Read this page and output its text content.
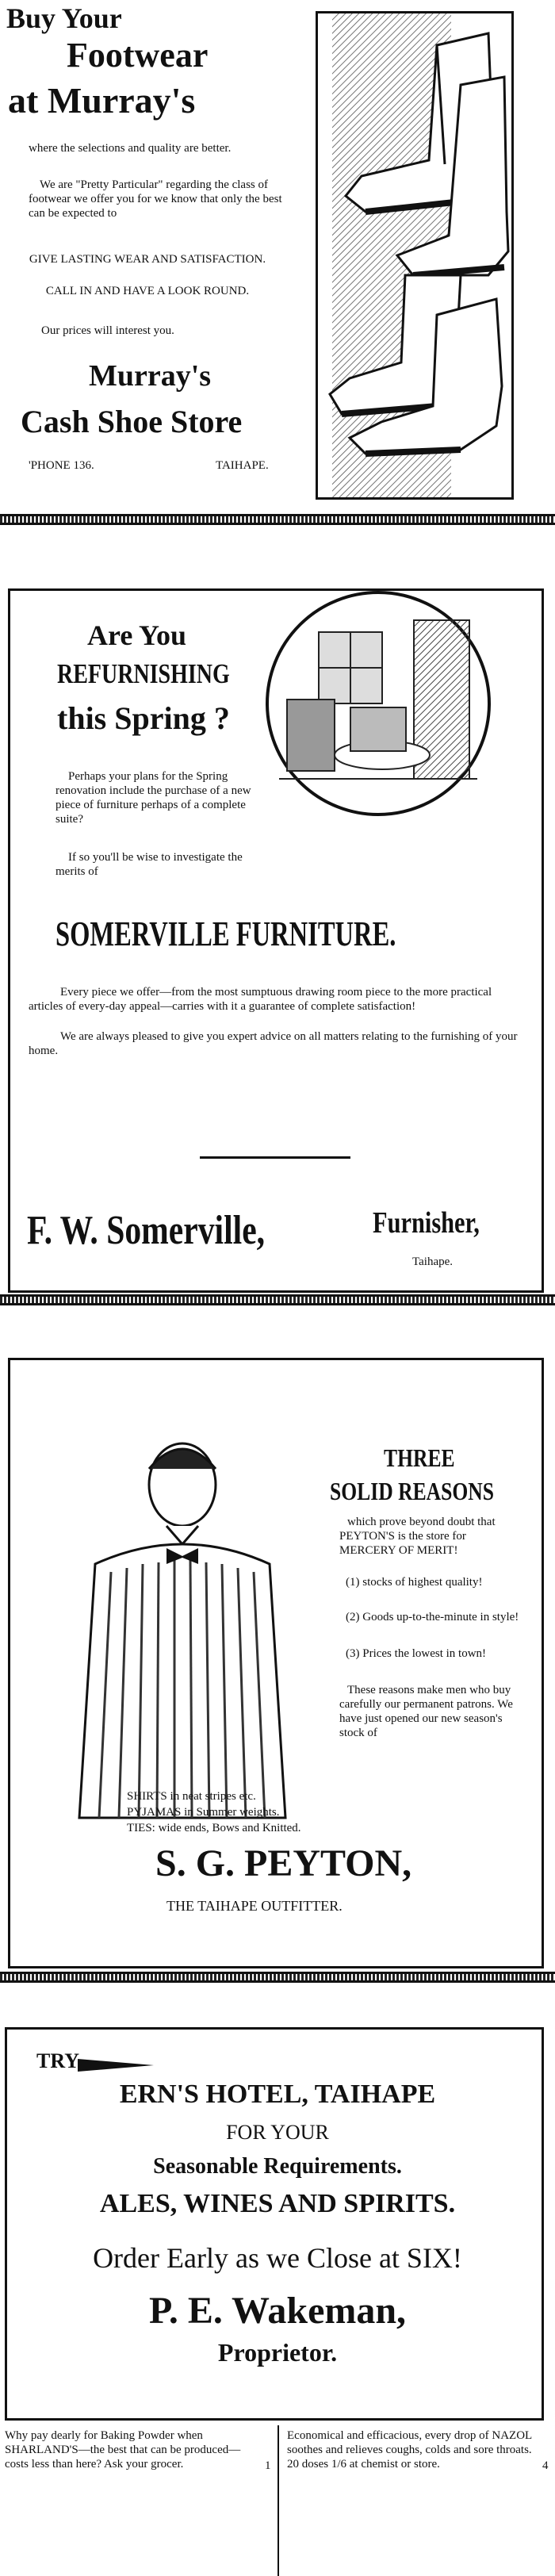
Buy Your
Footwear
at Murray's

where the selections and quality are better.

We are "Pretty Particular" regarding the class of footwear we offer you for we know that only the best can be expected to

GIVE LASTING WEAR AND SATISFACTION.

CALL IN AND HAVE A LOOK ROUND.

Our prices will interest you.

Murray's
Cash Shoe Store
'PHONE 136.	TAIHAPE.
Are You
REFURNISHING
this Spring ?

Perhaps your plans for the Spring renovation include the purchase of a new piece of furniture perhaps of a complete suite?

If so you'll be wise to investigate the merits of

SOMERVILLE FURNITURE.

Every piece we offer—from the most sumptuous drawing room piece to the more practical articles of every-day appeal—carries with it a guarantee of complete satisfaction!

We are always pleased to give you expert advice on all matters relating to the furnishing of your home.

F. W. Somerville,	Furnisher,
Taihape.
THREE
SOLID REASONS

which prove beyond doubt that PEYTON'S is the store for MERCERY OF MERIT!

(1) stocks of highest quality!

(2) Goods up-to-the-minute in style!

(3) Prices the lowest in town!

These reasons make men who buy carefully our permanent patrons. We have just opened our new season's stock of

SHIRTS in neat stripes etc.

PYJAMAS in Summer weights.

TIES: wide ends, Bows and Knitted.

S. G. PEYTON,
THE TAIHAPE OUTFITTER.
TRY
ERN'S HOTEL, TAIHAPE
FOR YOUR
Seasonable Requirements.
ALES, WINES AND SPIRITS.
Order Early as we Close at SIX!
P. E. Wakeman,
Proprietor.

Why pay dearly for Baking Powder when SHARLAND'S—the best that can be produced—costs less than here? Ask your grocer.	1

Economical and efficacious, every drop of NAZOL soothes and relieves coughs, colds and sore throats. 20 doses 1/6 at chemist or store.	4
